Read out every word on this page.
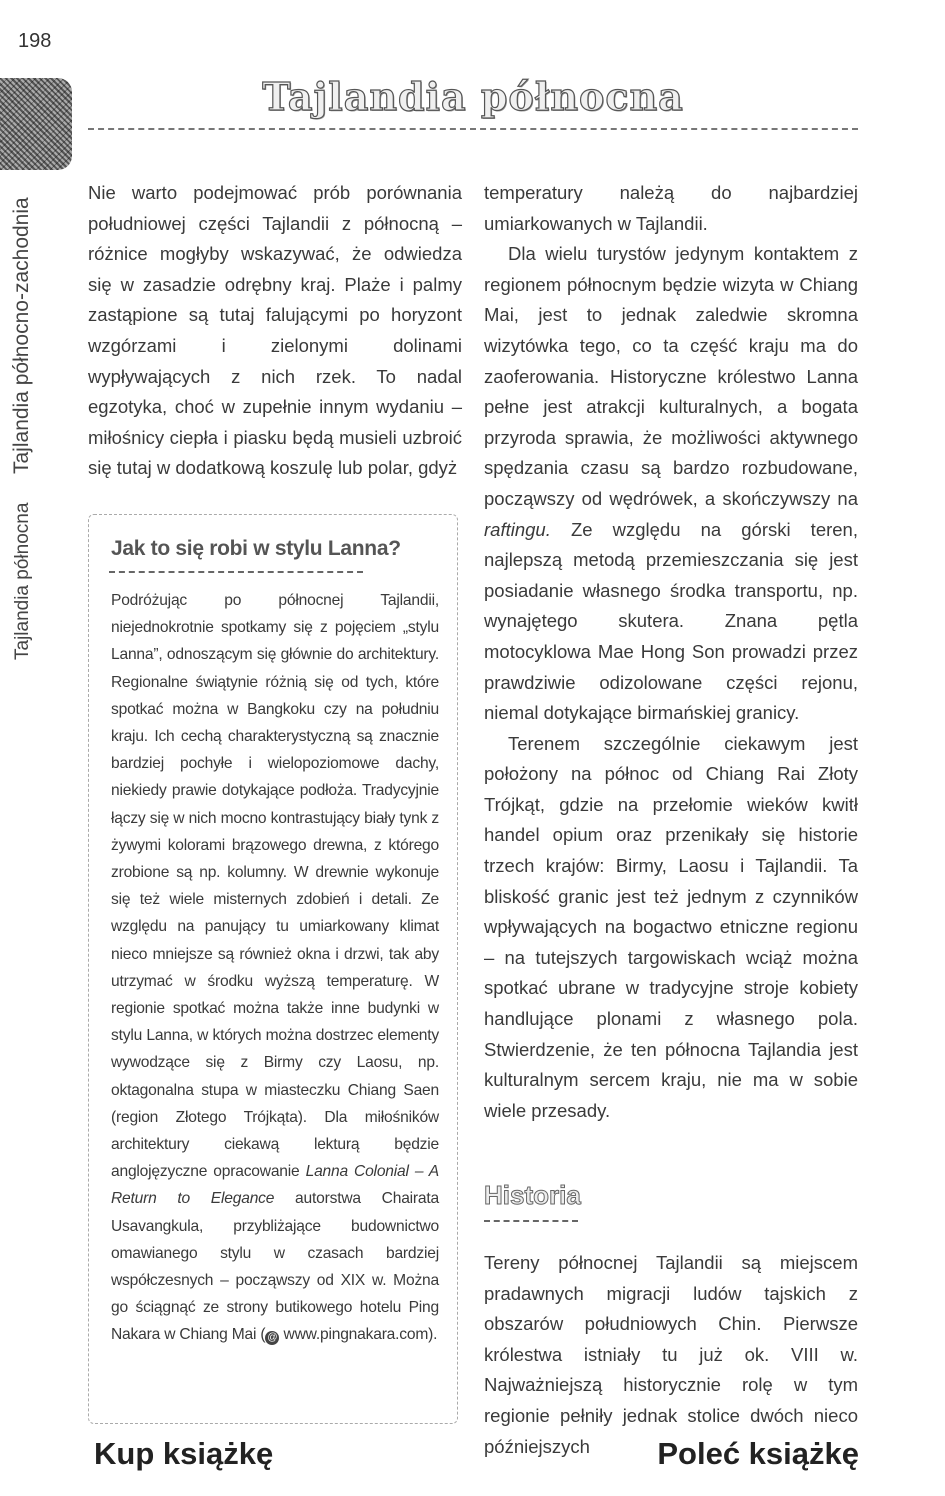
198
Tajlandia północnaTajlandia północno-zachodnia
Tajlandia północna

Nie warto podejmować prób porównania południowej części Tajlandii z północną – różnice mogłyby wskazywać, że odwiedza się w zasadzie odrębny kraj. Plaże i palmy zastąpione są tutaj falującymi po horyzont wzgórzami i zielonymi dolinami wypływających z nich rzek. To nadal egzotyka, choć w zupełnie innym wydaniu – miłośnicy ciepła i piasku będą musieli uzbroić się tutaj w dodatkową koszulę lub polar, gdyż

temperatury należą do najbardziej umiarkowanych w Tajlandii.

Dla wielu turystów jedynym kontaktem z regionem północnym będzie wizyta w Chiang Mai, jest to jednak zaledwie skromna wizytówka tego, co ta część kraju ma do zaoferowania. Historyczne królestwo Lanna pełne jest atrakcji kulturalnych, a bogata przyroda sprawia, że możliwości aktywnego spędzania czasu są bardzo rozbudowane, począwszy od wędrówek, a skończywszy na raftingu. Ze względu na górski teren, najlepszą metodą przemieszczania się jest posiadanie własnego środka transportu, np. wynajętego skutera. Znana pętla motocyklowa Mae Hong Son prowadzi przez prawdziwie odizolowane części rejonu, niemal dotykające birmańskiej granicy.

Terenem szczególnie ciekawym jest położony na północ od Chiang Rai Złoty Trójkąt, gdzie na przełomie wieków kwitł handel opium oraz przenikały się historie trzech krajów: Birmy, Laosu i Tajlandii. Ta bliskość granic jest też jednym z czynników wpływających na bogactwo etniczne regionu – na tutejszych targowiskach wciąż można spotkać ubrane w tradycyjne stroje kobiety handlujące plonami z własnego pola. Stwierdzenie, że ten północna Tajlandia jest kulturalnym sercem kraju, nie ma w sobie wiele przesady.

Jak to się robi w stylu Lanna?

Podróżując po północnej Tajlandii, niejednokrotnie spotkamy się z pojęciem „stylu Lanna”, odnoszącym się głównie do architektury. Regionalne świątynie różnią się od tych, które spotkać można w Bangkoku czy na południu kraju. Ich cechą charakterystyczną są znacznie bardziej pochyłe i wielopoziomowe dachy, niekiedy prawie dotykające podłoża. Tradycyjnie łączy się w nich mocno kontrastujący biały tynk z żywymi kolorami brązowego drewna, z którego zrobione są np. kolumny. W drewnie wykonuje się też wiele misternych zdobień i detali. Ze względu na panujący tu umiarkowany klimat nieco mniejsze są również okna i drzwi, tak aby utrzymać w środku wyższą temperaturę. W regionie spotkać można także inne budynki w stylu Lanna, w których można dostrzec elementy wywodzące się z Birmy czy Laosu, np. oktagonalna stupa w miasteczku Chiang Saen (region Złotego Trójkąta). Dla miłośników architektury ciekawą lekturą będzie anglojęzyczne opracowanie Lanna Colonial – A Return to Elegance autorstwa Chairata Usavangkula, przybliżające budownictwo omawianego stylu w czasach bardziej współczesnych – począwszy od XIX w. Można go ściągnąć ze strony butikowego hotelu Ping Nakara w Chiang Mai ( @ www.pingnakara.com).

Historia

Tereny północnej Tajlandii są miejscem pradawnych migracji ludów tajskich z obszarów południowych Chin. Pierwsze królestwa istniały tu już ok. VIII w. Najważniejszą historycznie rolę w tym regionie pełniły jednak stolice dwóch nieco późniejszych

Kup książkę	Poleć książkę
